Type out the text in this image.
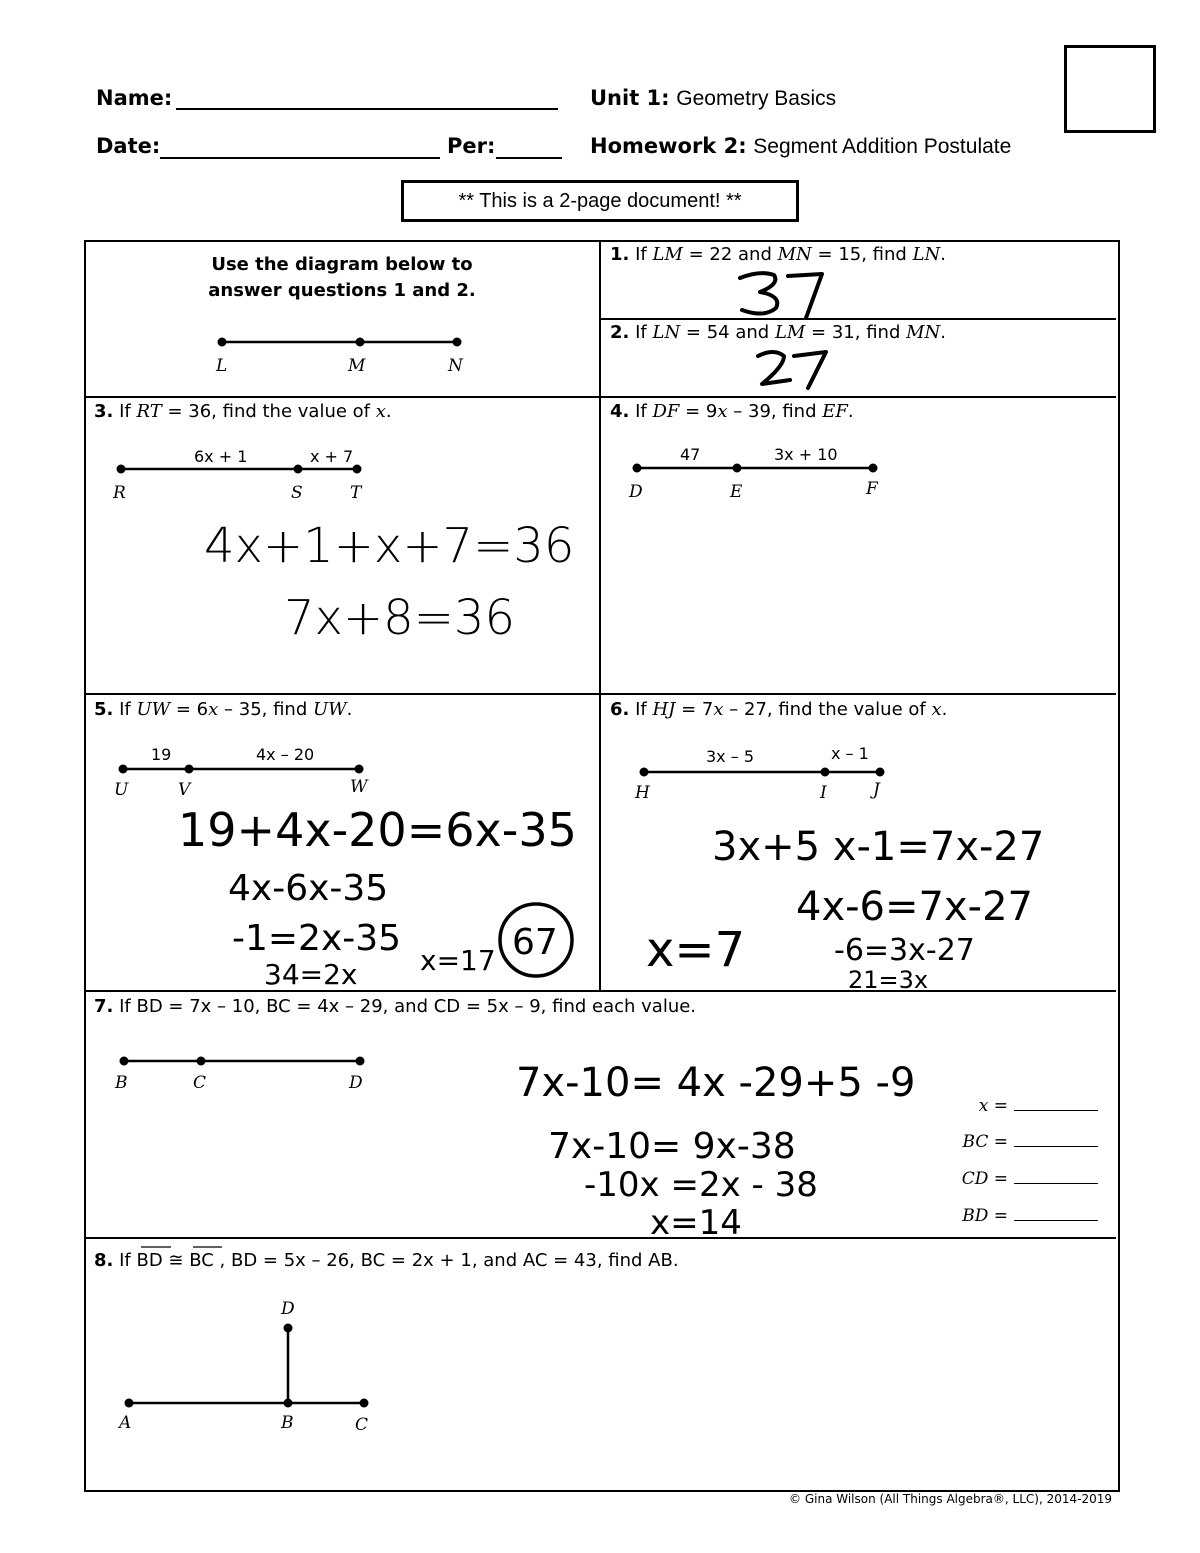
Name:
Date:	Per:
Unit 1: Geometry Basics
Homework 2: Segment Addition Postulate
** This is a 2-page document! **
Use the diagram below to
answer questions 1 and 2.
1. If LM = 22 and MN = 15, find LN.
2. If LN = 54 and LM = 31, find MN.
3. If RT = 36, find the value of x.	4. If DF = 9x – 39, find EF.
5. If UW = 6x – 35, find UW.	6. If HJ = 7x – 27, find the value of x.
7. If BD = 7x – 10, BC = 4x – 29, and CD = 5x – 9, find each value.
8. If BD ≅ BC , BD = 5x – 26, BC = 2x + 1, and AC = 43, find AB.
x =
BC =
CD =
BD =
L	M	N
6x + 1	x + 7
R	S	T
47	3x + 10
D	E	F
19	4x – 20
U	V	W
3x – 5	x – 1
H	I	J
B	C	D
D
A	B	C
4x+1+x+7=36
7x+8=36
19+4x-20=6x-35
4x-6x-35
-1=2x-35
34=2x x=17 67
3x+5 x-1=7x-27
4x-6=7x-27
x=7	-6=3x-27
21=3x
7x-10= 4x -29+5 -9
7x-10= 9x-38
-10x =2x - 38
x=14
© Gina Wilson (All Things Algebra®, LLC), 2014-2019
